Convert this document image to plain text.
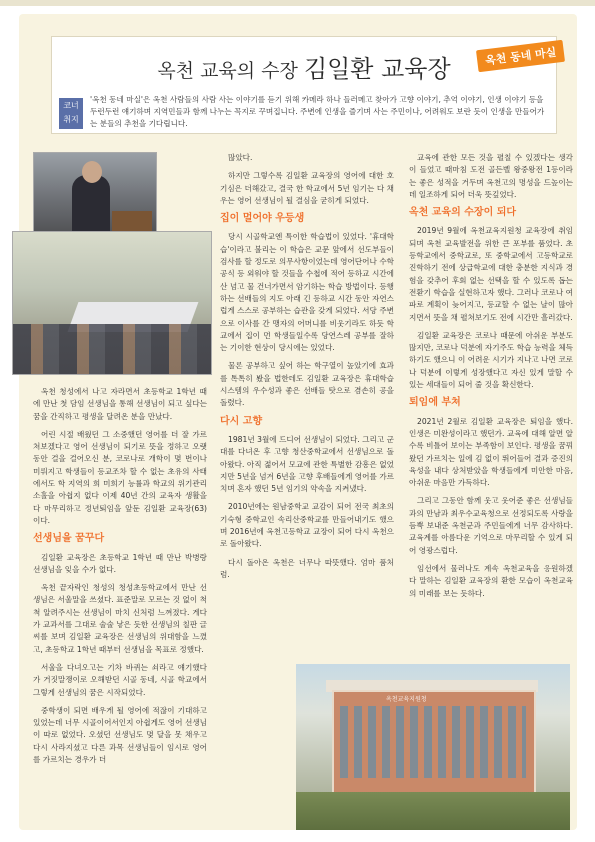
옥천 교육의 수장 김일환 교육장	옥천 동네 마실
코너 취지
'옥천 동네 마실'은 옥천 사람들의 사람 사는 이야기를 듣기 위해 카메라 하나 들러메고 찾아가 고향 이야기, 추억 이야기, 인생 이야기 등을 두런두런 얘기하며 지역민들과 함께 나누는 꼭지로 꾸며집니다. 주변에 인생을 즐기며 사는 주민이나, 어려워도 보란 듯이 인생을 만들어가는 분들의 추천을 기다립니다.

옥천 청성에서 나고 자라면서 초등학교 1학년 때에 만난 첫 담임 선생님을 통해 선생님이 되고 싶다는 꿈을 간직하고 평생을 달려온 분을 만났다.

어린 시절 배웠던 그 소중했던 영어를 더 잘 가르쳐보겠다고 영어 선생님이 되기로 뜻을 정하고 오랫동안 걸을 걸어오신 분, 코로나로 개학이 몇 번이나 미뤄지고 학생들이 등교조차 할 수 없는 초유의 사태에서도 학 지역의 희 미희기 능률과 학교의 위기관리 소홀을 아쉽지 없다 이제 40년 간의 교육자 생활을 다 마무리하고 정년퇴임을 앞둔 김일환 교육장(63)이다.

선생님을 꿈꾸다

김일환 교육장은 초등학교 1학년 때 만난 박병랑 선생님을 잊을 수가 없다.

옥천 끝자락인 청성의 청성초등학교에서 만난 선생님은 서울말을 쓰셨다. 표준말로 모르는 것 없이 척척 알려주시는 선생님이 마치 신처럼 느껴졌다. 게다가 교과서를 그대로 술술 낳은 듯한 선생님의 칠판 글씨를 보며 김일환 교육장은 선생님의 위대함을 느꼈고, 초등학교 1학년 때부터 선생님을 목표로 정했다.

서울을 다녀오고는 기차 바퀴는 쇠라고 얘기했다가 거짓말쟁이로 오해받던 시골 동네, 시골 학교에서 그렇게 선생님의 꿈은 시작되었다.

중학생이 되면 배우게 될 영어에 적잖이 기대하고 있었는데 너무 시골이어서인지 아쉽게도 영어 선생님이 따로 없었다. 오셨던 선생님도 몇 달을 못 채우고 다시 사라지셨고 다른 과목 선생님들이 임시로 영어를 가르치는 경우가 더

많았다.

하지만 그렇수록 김일환 교육장의 영어에 대한 호기심은 더해갔고, 결국 한 학교에서 5년 임기는 다 채우는 영어 선생님이 될 결심을 굳히게 되었다.

집이 멀어야 우등생

당시 시골학교엔 특이한 학습법이 있었다. '휴대학습'이라고 불리는 이 학습은 교문 앞에서 선도부들이 검사를 할 정도로 의무사항이었는데 영어단어나 수학 공식 등 외워야 할 것들을 수첩에 적어 등하교 시간에 산 넘고 물 건너가면서 암기하는 학습 방법이다. 등행하는 선배들의 지도 아래 긴 등하교 시간 동안 자연스럽게 스스로 공부하는 습관을 갖게 되었다. 서당 주변으로 이사를 간 맹자의 어머니를 비웃기라도 하듯 학교에서 집이 먼 학생들일수록 당연스레 공부를 잘하는 기이한 현상이 당시에는 있었다.

물론 공부하고 싶어 하는 학구열이 높았기에 효과를 톡톡히 봤을 법한데도 김일환 교육장은 휴대학습 시스템의 우수성과 좋은 선배들 탓으로 겸손히 공을 돌렸다.

다시 고향

1981년 3월에 드디어 선생님이 되었다. 그리고 군대를 다녀온 후 고향 청산중학교에서 선생님으로 돌아왔다. 아직 젊어서 모교에 관한 특별한 감흥은 없었지만 5년을 넘겨 6년을 고향 후배들에게 영어를 가르치며 혼자 했던 5년 임기의 약속을 지켜냈다.

2010년에는 원남중학교 교감이 되어 전국 최초의 기숙형 중학교인 속리산중학교를 만들어내기도 했으며 2016년에 옥천고등학교 교장이 되어 다시 옥천으로 돌아왔다.

다시 돌아온 옥천은 너무나 따뜻했다. 엄마 품처럼.

교육에 관한 모든 것을 펼칠 수 있겠다는 생각이 들었고 때마침 도전 골든벨 왕중왕전 1등이라는 좋은 성적을 거두며 옥천고의 명성을 드높이는 데 일조하게 되어 더욱 뜻깊었다.

옥천 교육의 수장이 되다

2019년 9월에 옥천교육지원청 교육장에 취임되며 옥천 교육발전을 위한 큰 포부를 품었다. 초등학교에서 중학교로, 또 중학교에서 고등학교로 진학하기 전에 상급학교에 대한 충분한 지식과 경험을 갖추어 후회 없는 선택을 할 수 있도록 돕는 전환기 학습을 실현하고자 했다. 그러나 코로나 여파로 계획이 늦어지고, 등교할 수 없는 날이 많아지면서 뜻을 채 펼쳐보기도 전에 시간만 흘러갔다.

김일환 교육장은 코로나 때문에 아쉬운 부분도 많지만, 코로나 덕분에 자기주도 학습 능력을 체득하기도 했으니 이 어려운 시기가 지나고 나면 코로나 덕분에 이렇게 성장했다고 자신 있게 말할 수 있는 세대들이 되어 줄 것을 확신한다.

퇴임에 부쳐

2021년 2월로 김일환 교육장은 퇴임을 했다. 인생은 미완성이라고 했던가. 교육에 대해 알면 알수록 비틀어 보이는 부족함이 보인다. 평생을 꿈꿔왔던 가르치는 일에 김 없이 뛰어들어 결과 증진의 육성을 내다 상처받았을 학생들에게 미안한 마음, 아쉬운 마음만 가득하다.

그리고 그동안 함께 웃고 웃어준 좋은 선생님들과의 만남과 최우수교육청으로 선정되도록 사랑을 듬뿍 보내준 옥천군과 주민들에게 너무 감사하다. 교육계를 아름다운 기억으로 마무리할 수 있게 되어 영광스럽다.

임선에서 물러나도 계속 옥천교육을 응원하겠다 말하는 김일환 교육장의 환한 모습이 옥천교육의 미래를 보는 듯하다.

옥천교육지원청
